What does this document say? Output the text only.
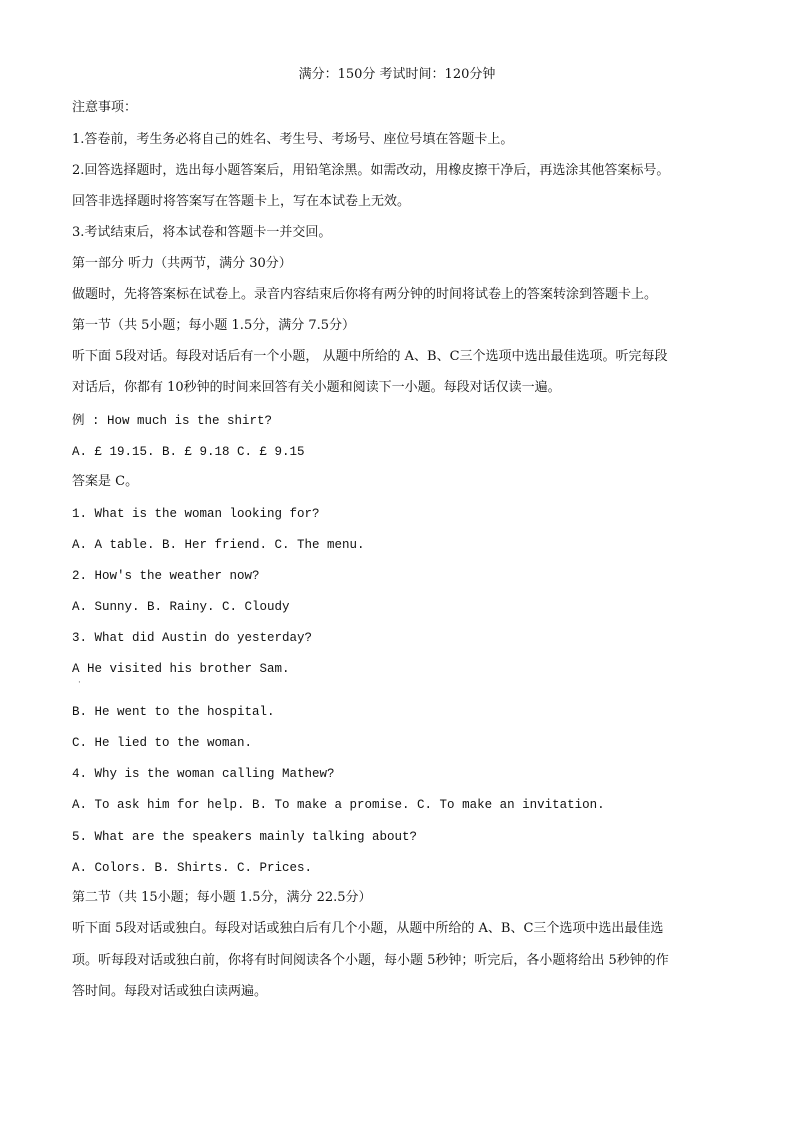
满分：150分 考试时间：120分钟
注意事项：
1.答卷前，考生务必将自己的姓名、考生号、考场号、座位号填在答题卡上。
2.回答选择题时，选出每小题答案后，用铅笔涂黑。如需改动，用橡皮擦干净后，再选涂其他答案标号。
回答非选择题时将答案写在答题卡上，写在本试卷上无效。
3.考试结束后，将本试卷和答题卡一并交回。
第一部分 听力（共两节，满分 30分）
做题时，先将答案标在试卷上。录音内容结束后你将有两分钟的时间将试卷上的答案转涂到答题卡上。
第一节（共 5小题；每小题 1.5分，满分 7.5分）
听下面 5段对话。每段对话后有一个小题， 从题中所给的 A、B、C三个选项中选出最佳选项。听完每段
对话后，你都有 10秒钟的时间来回答有关小题和阅读下一小题。每段对话仅读一遍。
例 : How much is the shirt?
A. £ 19.15. B. £ 9.18 C. £ 9.15
答案是 C。
1. What is the woman looking for?
A. A table. B. Her friend. C. The menu.
2. How's the weather now?
A. Sunny. B. Rainy. C. Cloudy
3. What did Austin do yesterday?
A He visited his brother Sam.
·
B. He went to the hospital.
C. He lied to the woman.
4. Why is the woman calling Mathew?
A. To ask him for help. B. To make a promise. C. To make an invitation.
5. What are the speakers mainly talking about?
A. Colors. B. Shirts. C. Prices.
第二节（共 15小题；每小题 1.5分，满分 22.5分）
听下面 5段对话或独白。每段对话或独白后有几个小题，从题中所给的 A、B、C三个选项中选出最佳选
项。听每段对话或独白前，你将有时间阅读各个小题，每小题 5秒钟；听完后，各小题将给出 5秒钟的作
答时间。每段对话或独白读两遍。
